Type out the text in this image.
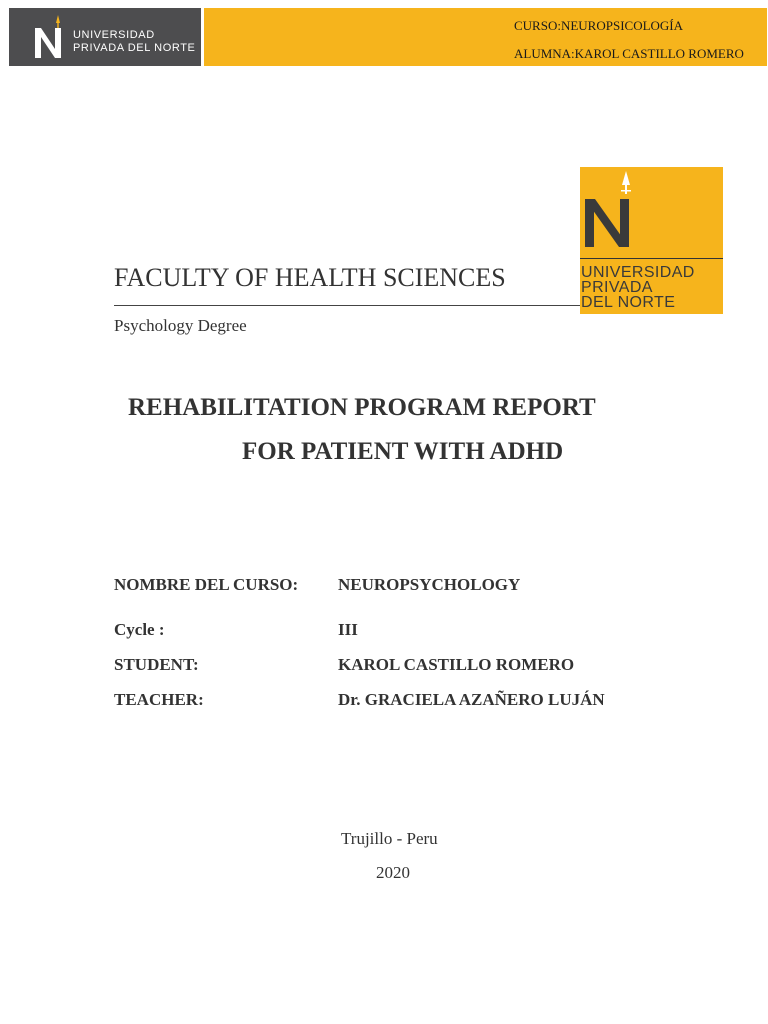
UNIVERSIDAD
PRIVADA DEL NORTE
CURSO:NEUROPSICOLOGÍA
ALUMNA:KAROL CASTILLO ROMERO
UNIVERSIDAD
PRIVADA
DEL NORTE
FACULTY OF HEALTH SCIENCES
Psychology Degree
REHABILITATION PROGRAM REPORT
FOR PATIENT WITH ADHD
NOMBRE DEL CURSO: NEUROPSYCHOLOGY
Cycle :	III
STUDENT:	KAROL CASTILLO ROMERO
TEACHER:	Dr. GRACIELA AZAÑERO LUJÁN
Trujillo - Peru
2020
